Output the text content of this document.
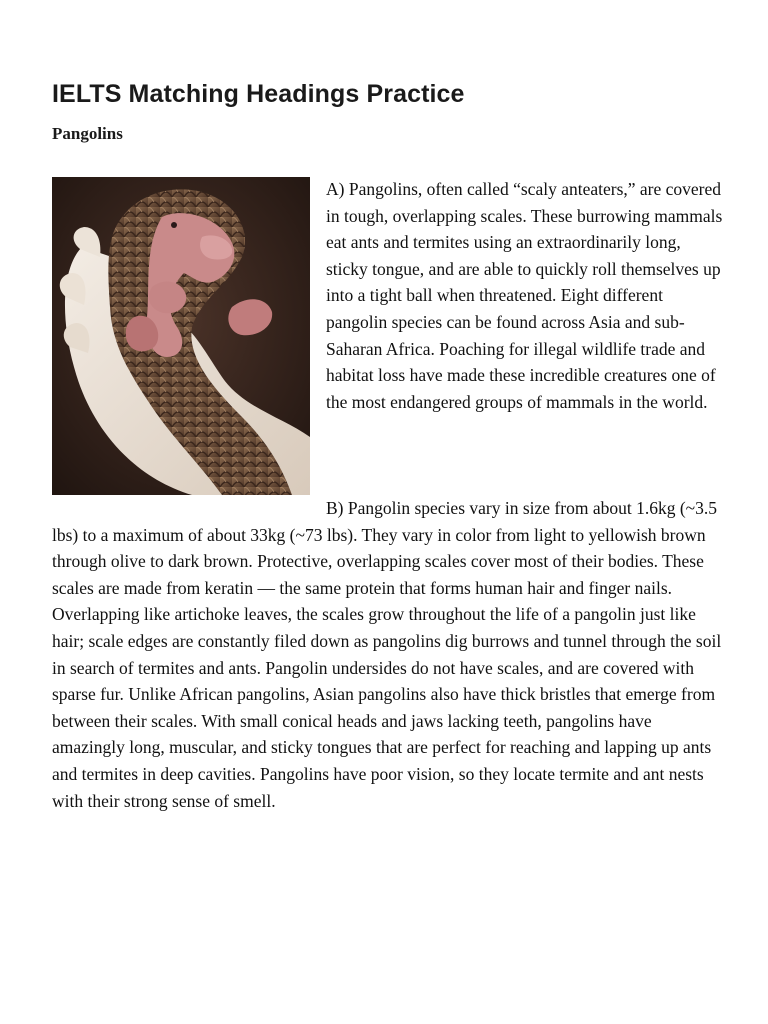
IELTS Matching Headings Practice
Pangolins

A) Pangolins, often called “scaly anteaters,” are covered in tough, overlapping scales. These burrowing mammals eat ants and termites using an extraordinarily long, sticky tongue, and are able to quickly roll themselves up into a tight ball when threatened. Eight different pangolin species can be found across Asia and sub-Saharan Africa. Poaching for illegal wildlife trade and habitat loss have made these incredible creatures one of the most endangered groups of mammals in the world.

B) Pangolin species vary in size from about 1.6kg (~3.5 lbs) to a maximum of about 33kg (~73 lbs). They vary in color from light to yellowish brown through olive to dark brown. Protective, overlapping scales cover most of their bodies. These scales are made from keratin — the same protein that forms human hair and finger nails. Overlapping like artichoke leaves, the scales grow throughout the life of a pangolin just like hair; scale edges are constantly filed down as pangolins dig burrows and tunnel through the soil in search of termites and ants. Pangolin undersides do not have scales, and are covered with sparse fur. Unlike African pangolins, Asian pangolins also have thick bristles that emerge from between their scales. With small conical heads and jaws lacking teeth, pangolins have amazingly long, muscular, and sticky tongues that are perfect for reaching and lapping up ants and termites in deep cavities. Pangolins have poor vision, so they locate termite and ant nests with their strong sense of smell.
